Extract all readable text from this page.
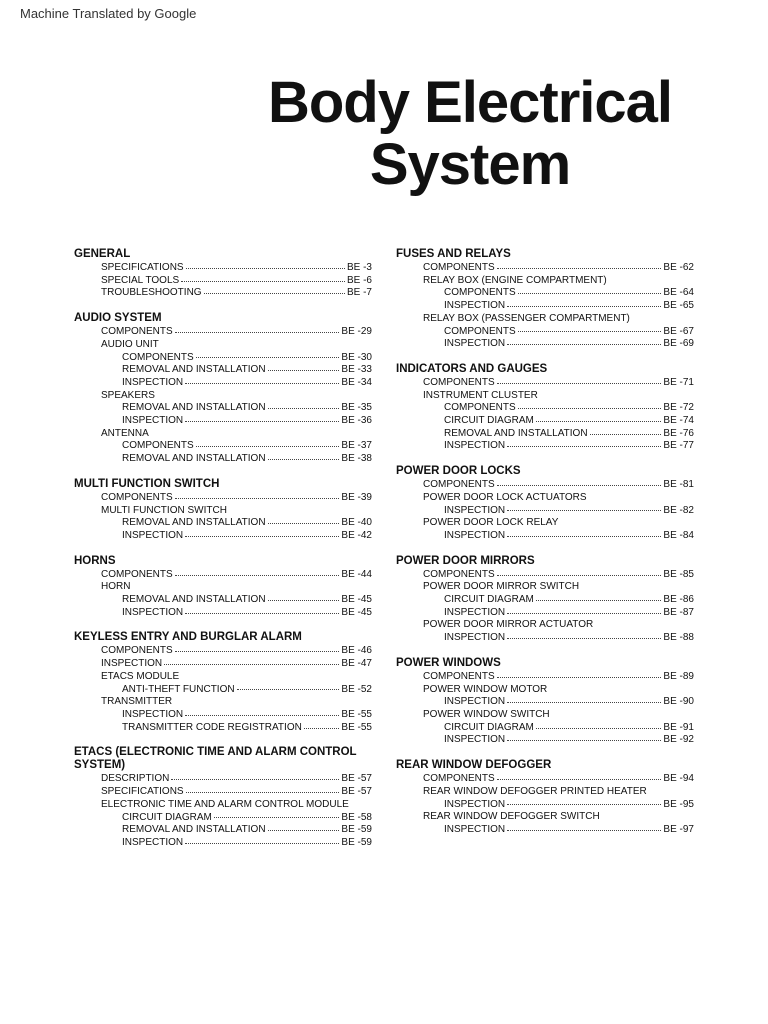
Machine Translated by Google
Body Electrical
System
GENERAL
SPECIFICATIONS	BE -3
SPECIAL TOOLS	BE -6
TROUBLESHOOTING	BE -7
AUDIO SYSTEM
COMPONENTS	BE -29
AUDIO UNIT
COMPONENTS	BE -30
REMOVAL AND INSTALLATION	BE -33
INSPECTION	BE -34
SPEAKERS
REMOVAL AND INSTALLATION	BE -35
INSPECTION	BE -36
ANTENNA
COMPONENTS	BE -37
REMOVAL AND INSTALLATION	BE -38
MULTI FUNCTION SWITCH
COMPONENTS	BE -39
MULTI FUNCTION SWITCH
REMOVAL AND INSTALLATION	BE -40
INSPECTION	BE -42
HORNS
COMPONENTS	BE -44
HORN
REMOVAL AND INSTALLATION	BE -45
INSPECTION	BE -45
KEYLESS ENTRY AND BURGLAR ALARM
COMPONENTS	BE -46
INSPECTION	BE -47
ETACS MODULE
ANTI-THEFT FUNCTION	BE -52
TRANSMITTER
INSPECTION	BE -55
TRANSMITTER CODE REGISTRATION	BE -55
ETACS (ELECTRONIC TIME AND ALARM CONTROL SYSTEM)
DESCRIPTION	BE -57
SPECIFICATIONS	BE -57
ELECTRONIC TIME AND ALARM CONTROL MODULE
CIRCUIT DIAGRAM	BE -58
REMOVAL AND INSTALLATION	BE -59
INSPECTION	BE -59
FUSES AND RELAYS
COMPONENTS	BE -62
RELAY BOX (ENGINE COMPARTMENT)
COMPONENTS	BE -64
INSPECTION	BE -65
RELAY BOX (PASSENGER COMPARTMENT)
COMPONENTS	BE -67
INSPECTION	BE -69
INDICATORS AND GAUGES
COMPONENTS	BE -71
INSTRUMENT CLUSTER
COMPONENTS	BE -72
CIRCUIT DIAGRAM	BE -74
REMOVAL AND INSTALLATION	BE -76
INSPECTION	BE -77
POWER DOOR LOCKS
COMPONENTS	BE -81
POWER DOOR LOCK ACTUATORS
INSPECTION	BE -82
POWER DOOR LOCK RELAY
INSPECTION	BE -84
POWER DOOR MIRRORS
COMPONENTS	BE -85
POWER DOOR MIRROR SWITCH
CIRCUIT DIAGRAM	BE -86
INSPECTION	BE -87
POWER DOOR MIRROR ACTUATOR
INSPECTION	BE -88
POWER WINDOWS
COMPONENTS	BE -89
POWER WINDOW MOTOR
INSPECTION	BE -90
POWER WINDOW SWITCH
CIRCUIT DIAGRAM	BE -91
INSPECTION	BE -92
REAR WINDOW DEFOGGER
COMPONENTS	BE -94
REAR WINDOW DEFOGGER PRINTED HEATER
INSPECTION	BE -95
REAR WINDOW DEFOGGER SWITCH
INSPECTION	BE -97
